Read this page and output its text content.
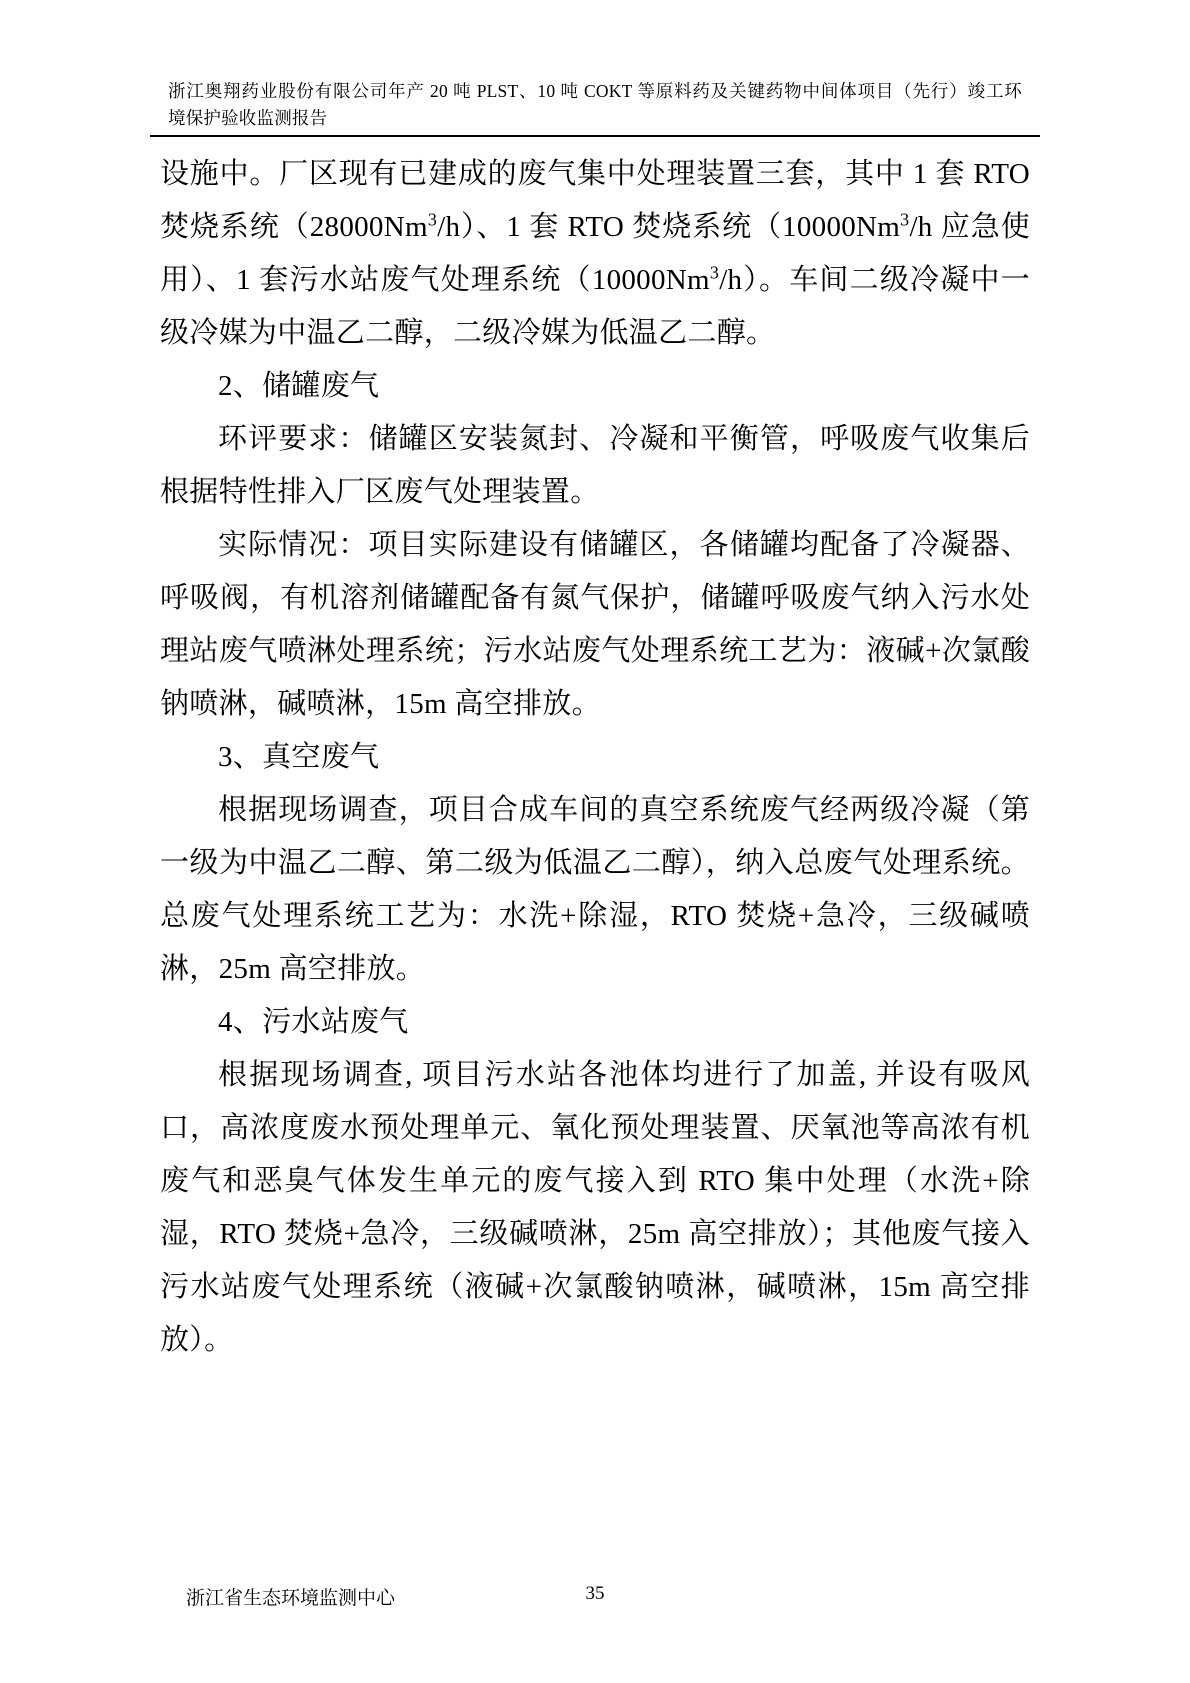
浙江奥翔药业股份有限公司年产 20 吨 PLST、10 吨 COKT 等原料药及关键药物中间体项目（先行）竣工环
境保护验收监测报告

设施中。厂区现有已建成的废气集中处理装置三套，其中 1 套 RTO 焚烧系统（28000Nm$^3$/h）、1 套 RTO 焚烧系统（10000Nm$^3$/h 应急使用）、1 套污水站废气处理系统（10000Nm$^3$/h）。车间二级冷凝中一级冷媒为中温乙二醇，二级冷媒为低温乙二醇。

2、储罐废气

环评要求：储罐区安装氮封、冷凝和平衡管，呼吸废气收集后根据特性排入厂区废气处理装置。

实际情况：项目实际建设有储罐区，各储罐均配备了冷凝器、呼吸阀，有机溶剂储罐配备有氮气保护，储罐呼吸废气纳入污水处理站废气喷淋处理系统；污水站废气处理系统工艺为：液碱+次氯酸钠喷淋，碱喷淋，15m 高空排放。

3、真空废气

根据现场调查，项目合成车间的真空系统废气经两级冷凝（第一级为中温乙二醇、第二级为低温乙二醇），纳入总废气处理系统。总废气处理系统工艺为：水洗+除湿，RTO 焚烧+急冷，三级碱喷淋，25m 高空排放。

4、污水站废气

根据现场调查, 项目污水站各池体均进行了加盖, 并设有吸风口，高浓度废水预处理单元、氧化预处理装置、厌氧池等高浓有机废气和恶臭气体发生单元的废气接入到 RTO 集中处理（水洗+除湿，RTO 焚烧+急冷，三级碱喷淋，25m 高空排放）；其他废气接入污水站废气处理系统（液碱+次氯酸钠喷淋，碱喷淋，15m 高空排放）。

浙江省生态环境监测中心	35
